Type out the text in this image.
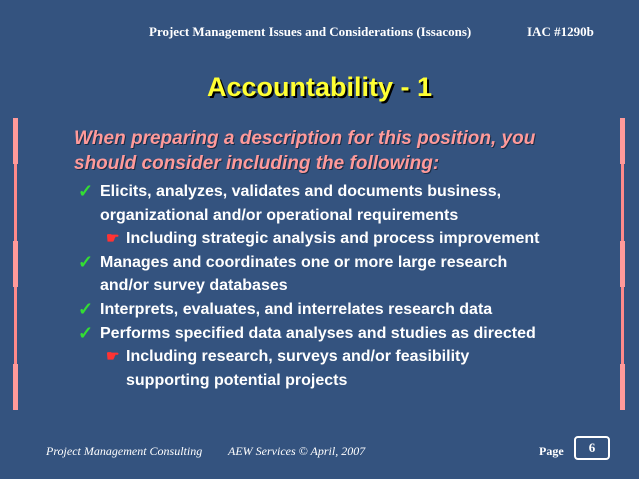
Project Management Issues and Considerations (Issacons)	IAC #1290b
Accountability - 1
When preparing a description for this position, you
should consider including the following:
✓ Elicits, analyzes, validates and documents business,
organizational and/or operational requirements
☛ Including strategic analysis and process improvement
✓ Manages and coordinates one or more large research
and/or survey databases
✓ Interprets, evaluates, and interrelates research data
✓ Performs specified data analyses and studies as directed
☛ Including research, surveys and/or feasibility
supporting potential projects
Project Management Consulting AEW Services © April, 2007	Page	6
